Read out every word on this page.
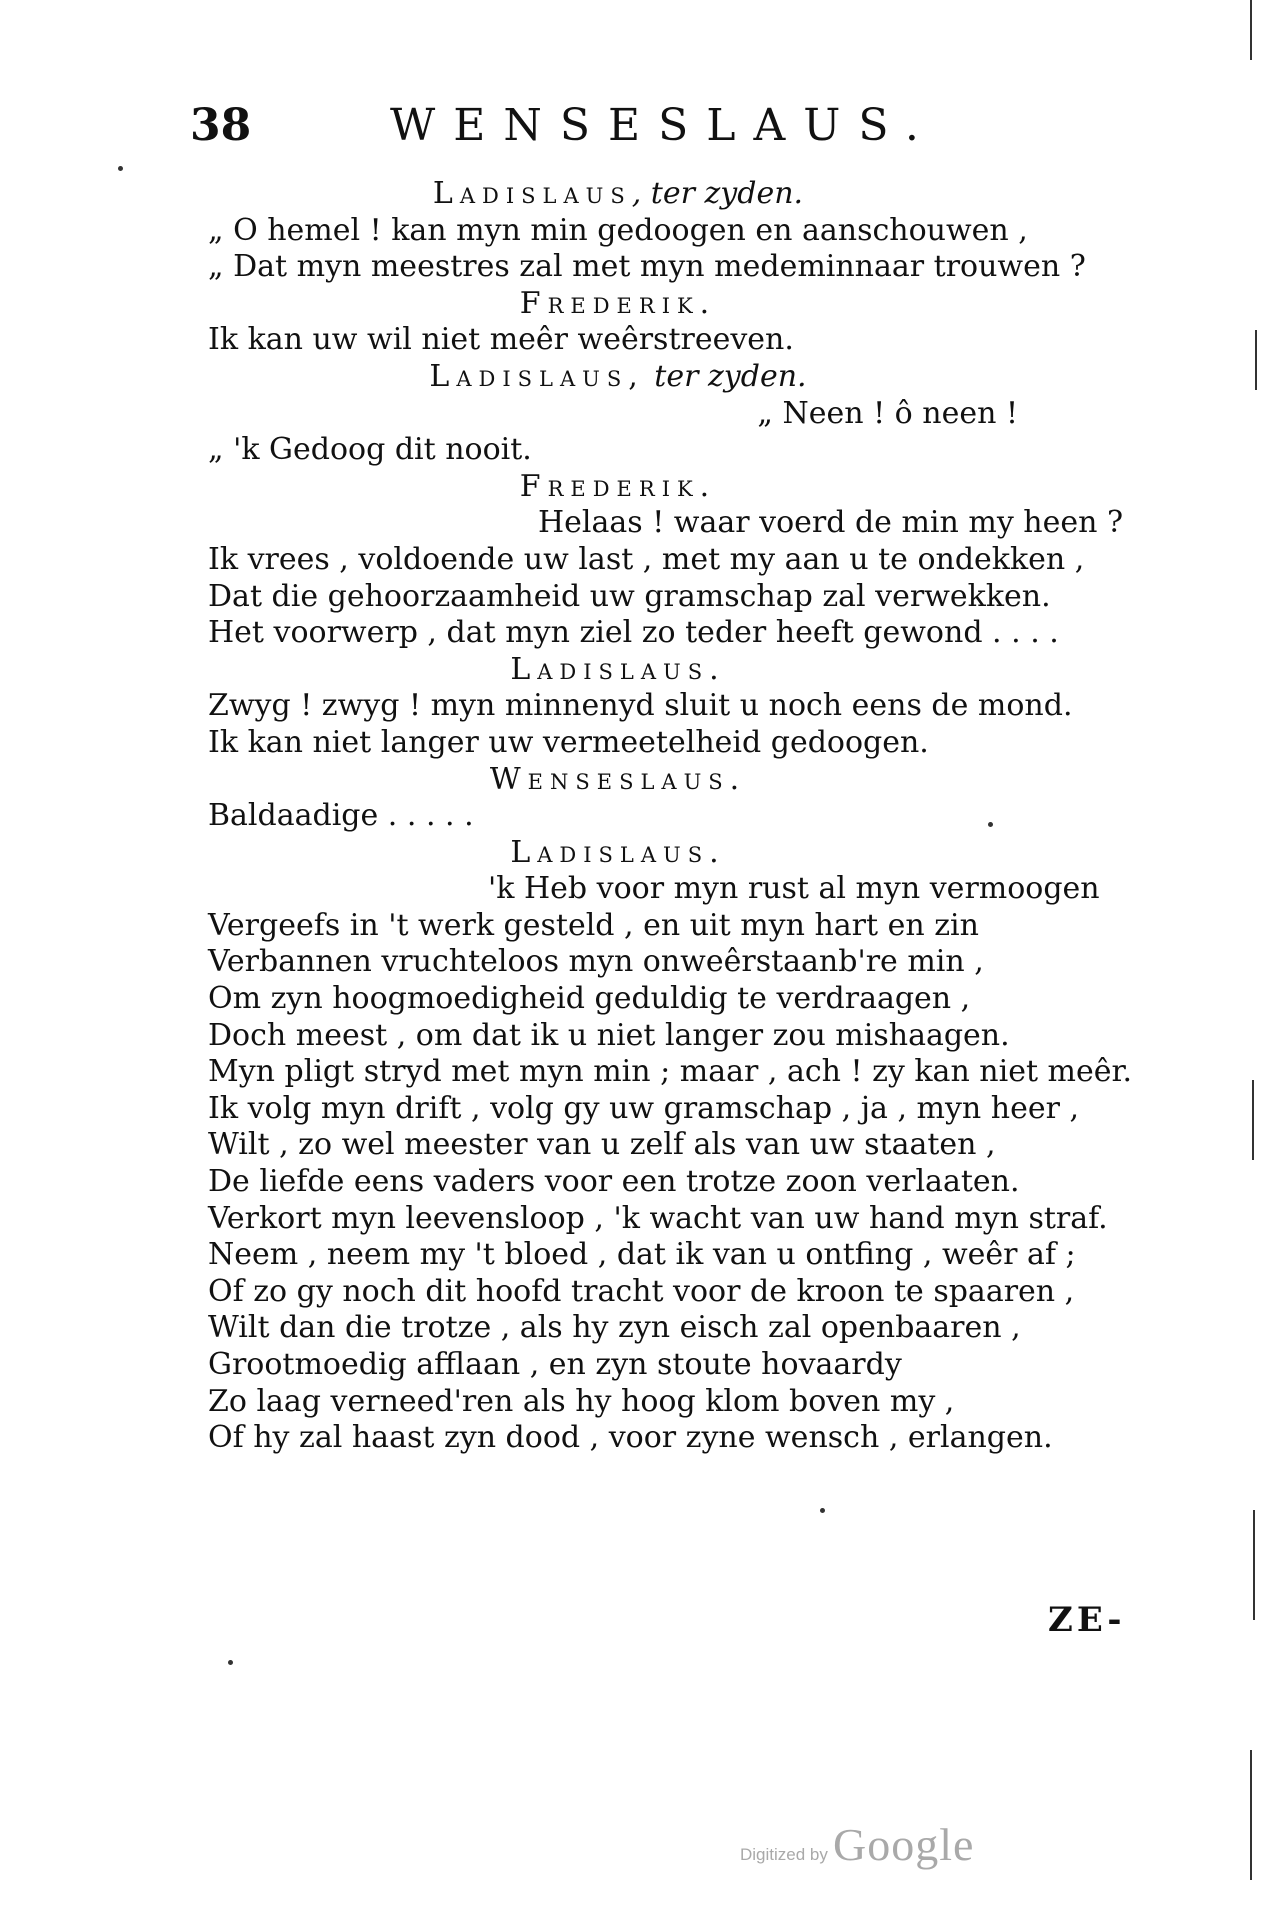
38	WENSESLAUS.
Ladislaus, ter zyden.
„ O hemel ! kan myn min gedoogen en aanschouwen ,
„ Dat myn meestres zal met myn medeminnaar trouwen ?
Frederik.
Ik kan uw wil niet meêr weêrstreeven.
Ladislaus, ter zyden.
„ Neen ! ô neen !
„ 'k Gedoog dit nooit.
Frederik.
Helaas ! waar voerd de min my heen ?
Ik vrees , voldoende uw last , met my aan u te ondekken ,
Dat die gehoorzaamheid uw gramschap zal verwekken.
Het voorwerp , dat myn ziel zo teder heeft gewond . . . .
Ladislaus.
Zwyg ! zwyg ! myn minnenyd sluit u noch eens de mond.
Ik kan niet langer uw vermeetelheid gedoogen.
Wenseslaus.
Baldaadige . . . . .
Ladislaus.
'k Heb voor myn rust al myn vermoogen
Vergeefs in 't werk gesteld , en uit myn hart en zin
Verbannen vruchteloos myn onweêrstaanb're min ,
Om zyn hoogmoedigheid geduldig te verdraagen ,
Doch meest , om dat ik u niet langer zou mishaagen.
Myn pligt stryd met myn min ; maar , ach ! zy kan niet meêr.
Ik volg myn drift , volg gy uw gramschap , ja , myn heer ,
Wilt , zo wel meester van u zelf als van uw staaten ,
De liefde eens vaders voor een trotze zoon verlaaten.
Verkort myn leevensloop , 'k wacht van uw hand myn straf.
Neem , neem my 't bloed , dat ik van u ontfing , weêr af ;
Of zo gy noch dit hoofd tracht voor de kroon te spaaren ,
Wilt dan die trotze , als hy zyn eisch zal openbaaren ,
Grootmoedig afflaan , en zyn stoute hovaardy
Zo laag verneed'ren als hy hoog klom boven my ,
Of hy zal haast zyn dood , voor zyne wensch , erlangen.
ZE-
Digitized by Google
